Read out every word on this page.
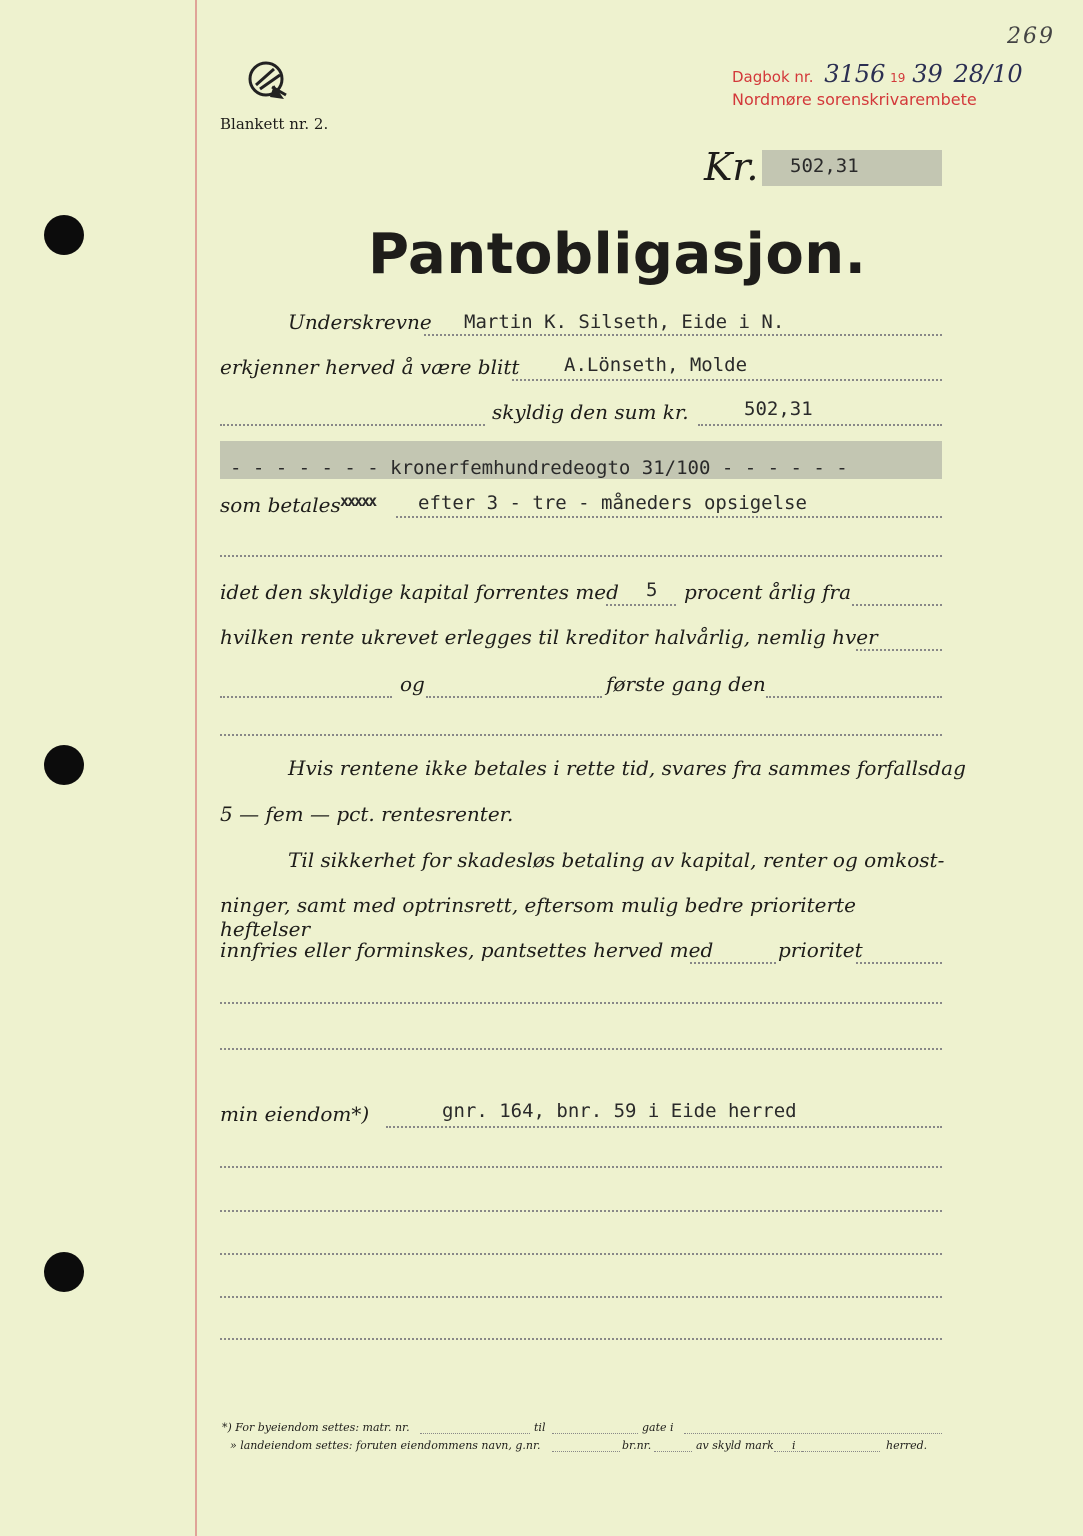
Blankett nr. 2.
269
Dagbok nr. 3156 19 39 28/10
Nordmøre sorenskrivarembete
Kr. 502,31
Pantobligasjon.
Underskrevne Martin K. Silseth, Eide i N.
erkjenner herved å være blitt A.Lönseth, Molde
skyldig den sum kr.	502,31
- - - - - - - kronerfemhundredeogto 31/100 - - - - - -
som betales xxxxx efter 3 - tre - måneders opsigelse
idet den skyldige kapital forrentes med 5 procent årlig fra
hvilken rente ukrevet erlegges til kreditor halvårlig, nemlig hver
og	første gang den
Hvis rentene ikke betales i rette tid, svares fra sammes forfallsdag
5 — fem — pct. rentesrenter.
Til sikkerhet for skadesløs betaling av kapital, renter og omkost-
ninger, samt med optrinsrett, eftersom mulig bedre prioriterte heftelser
innfries eller forminskes, pantsettes herved med	prioritet
min eiendom*)	gnr. 164, bnr. 59 i Eide herred
*) For byeiendom settes: matr. nr.	til	gate i
» landeiendom settes: foruten eiendommens navn, g.nr.	br.nr.	av skyld mark i	herred.
